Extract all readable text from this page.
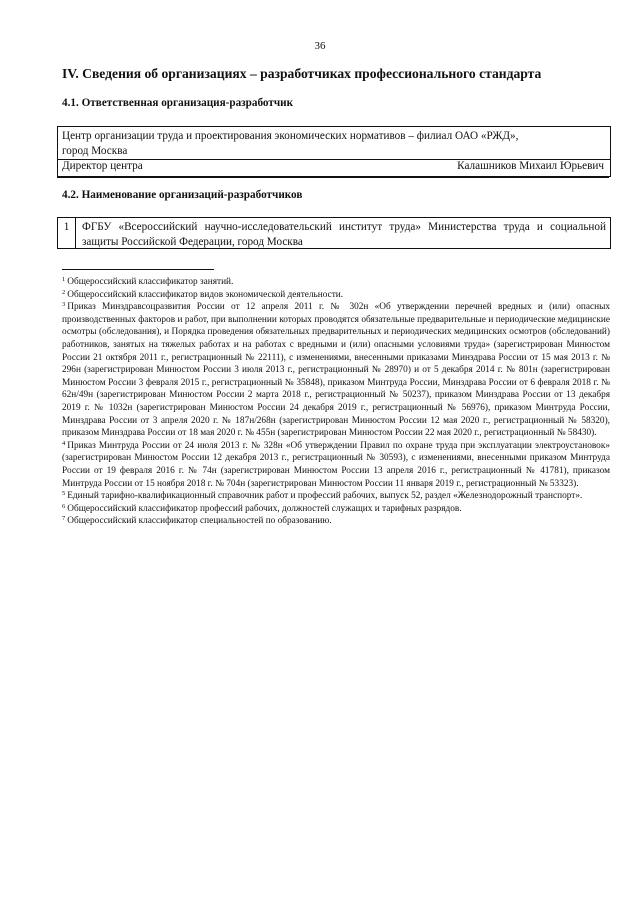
36
IV. Сведения об организациях – разработчиках профессионального стандарта
4.1. Ответственная организация-разработчик
Центр организации труда и проектирования экономических нормативов – филиал ОАО «РЖД»,
город Москва
Директор центра	Калашников Михаил Юрьевич
4.2. Наименование организаций-разработчиков
1	ФГБУ «Всероссийский научно-исследовательский институт труда» Министерства труда и социальной защиты Российской Федерации, город Москва

$^1$ Общероссийский классификатор занятий.

$^2$ Общероссийский классификатор видов экономической деятельности.

$^3$ Приказ Минздравсоцразвития России от 12 апреля 2011 г. № 302н «Об утверждении перечней вредных и (или) опасных производственных факторов и работ, при выполнении которых проводятся обязательные предварительные и периодические медицинские осмотры (обследования), и Порядка проведения обязательных предварительных и периодических медицинских осмотров (обследований) работников, занятых на тяжелых работах и на работах с вредными и (или) опасными условиями труда» (зарегистрирован Минюстом России 21 октября 2011 г., регистрационный № 22111), с изменениями, внесенными приказами Минздрава России от 15 мая 2013 г. № 296н (зарегистрирован Минюстом России 3 июля 2013 г., регистрационный № 28970) и от 5 декабря 2014 г. № 801н (зарегистрирован Минюстом России 3 февраля 2015 г., регистрационный № 35848), приказом Минтруда России, Минздрава России от 6 февраля 2018 г. № 62н/49н (зарегистрирован Минюстом России 2 марта 2018 г., регистрационный № 50237), приказом Минздрава России от 13 декабря 2019 г. № 1032н (зарегистрирован Минюстом России 24 декабря 2019 г., регистрационный № 56976), приказом Минтруда России, Минздрава России от 3 апреля 2020 г. № 187н/268н (зарегистрирован Минюстом России 12 мая 2020 г., регистрационный № 58320), приказом Минздрава России от 18 мая 2020 г. № 455н (зарегистрирован Минюстом России 22 мая 2020 г., регистрационный № 58430).

$^4$ Приказ Минтруда России от 24 июля 2013 г. № 328н «Об утверждении Правил по охране труда при эксплуатации электроустановок» (зарегистрирован Минюстом России 12 декабря 2013 г., регистрационный № 30593), с изменениями, внесенными приказом Минтруда России от 19 февраля 2016 г. № 74н (зарегистрирован Минюстом России 13 апреля 2016 г., регистрационный № 41781), приказом Минтруда России от 15 ноября 2018 г. № 704н (зарегистрирован Минюстом России 11 января 2019 г., регистрационный № 53323).

$^5$ Единый тарифно-квалификационный справочник работ и профессий рабочих, выпуск 52, раздел «Железнодорожный транспорт».

$^6$ Общероссийский классификатор профессий рабочих, должностей служащих и тарифных разрядов.

$^7$ Общероссийский классификатор специальностей по образованию.
